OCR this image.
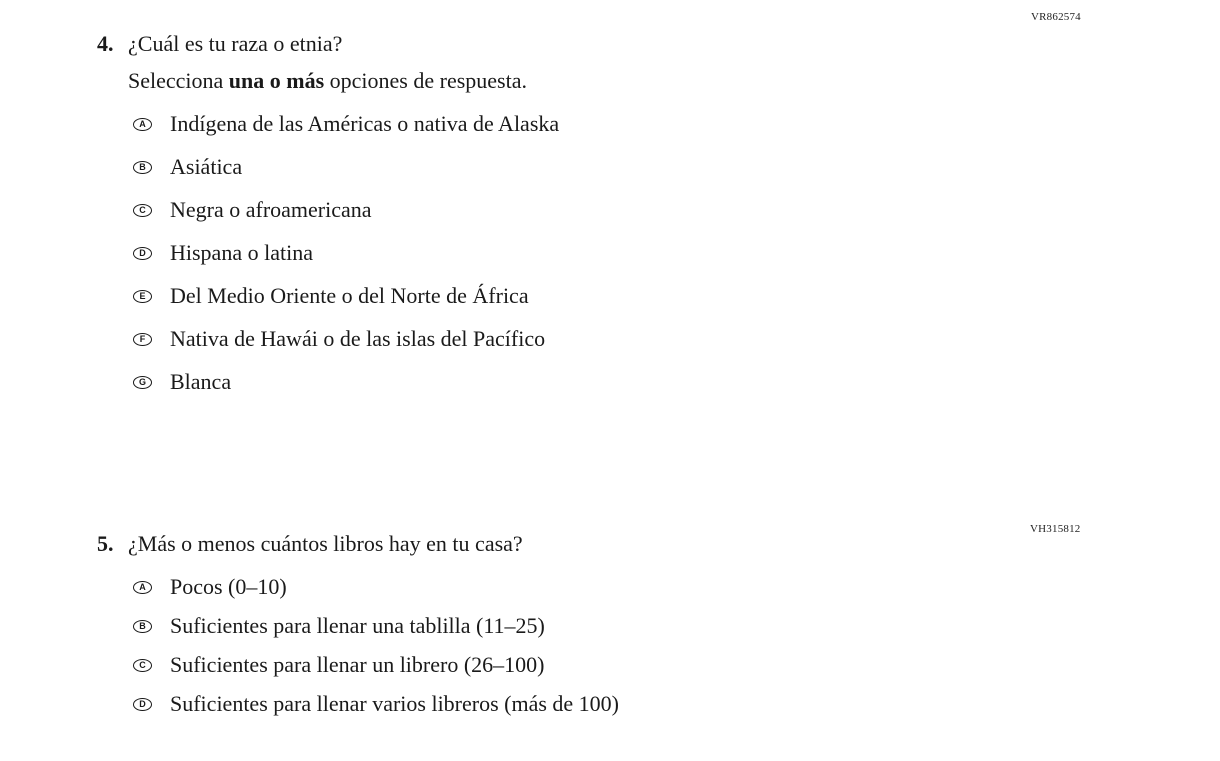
VR862574
VH315812
4. ¿Cuál es tu raza o etnia?
Selecciona una o más opciones de respuesta.
A Indígena de las Américas o nativa de Alaska
B Asiática
C Negra o afroamericana
D Hispana o latina
E Del Medio Oriente o del Norte de África
F	Nativa de Hawái o de las islas del Pacífico
G Blanca
5. ¿Más o menos cuántos libros hay en tu casa?
A Pocos (0–10)
B Suficientes para llenar una tablilla (11–25)
C Suficientes para llenar un librero (26–100)
D Suficientes para llenar varios libreros (más de 100)
